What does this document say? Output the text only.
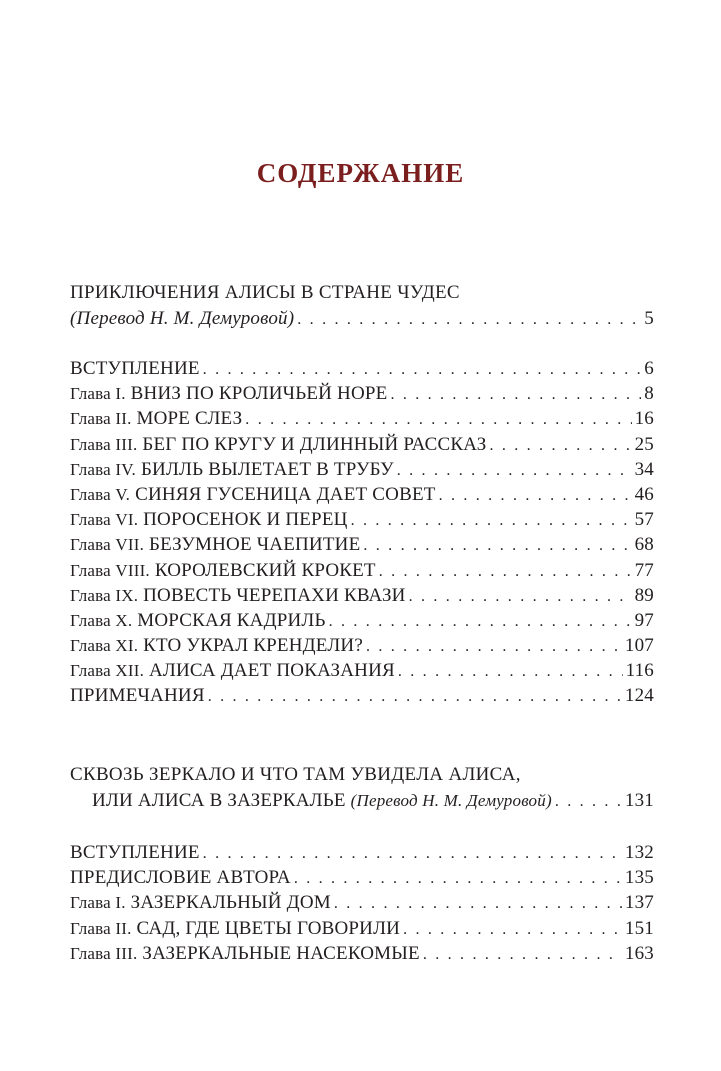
СОДЕРЖАНИЕ
ПРИКЛЮЧЕНИЯ АЛИСЫ В СТРАНЕ ЧУДЕС
(Перевод Н. М. Демуровой) . . .	5
ВСТУПЛЕНИЕ . . .	6
Глава I. ВНИЗ ПО КРОЛИЧЬЕЙ НОРЕ . . .	8
Глава II. МОРЕ СЛЕЗ . . .	16
Глава III. БЕГ ПО КРУГУ И ДЛИННЫЙ РАССКАЗ . . .	25
Глава IV. БИЛЛЬ ВЫЛЕТАЕТ В ТРУБУ . . .	34
Глава V. СИНЯЯ ГУСЕНИЦА ДАЕТ СОВЕТ . . .	46
Глава VI. ПОРОСЕНОК И ПЕРЕЦ . . .	57
Глава VII. БЕЗУМНОЕ ЧАЕПИТИЕ . . .	68
Глава VIII. КОРОЛЕВСКИЙ КРОКЕТ . . .	77
Глава IX. ПОВЕСТЬ ЧЕРЕПАХИ КВАЗИ . . .	89
Глава X. МОРСКАЯ КАДРИЛЬ . . .	97
Глава XI. КТО УКРАЛ КРЕНДЕЛИ? . . .	107
Глава XII. АЛИСА ДАЕТ ПОКАЗАНИЯ . . .	116
ПРИМЕЧАНИЯ . . .	124
СКВОЗЬ ЗЕРКАЛО И ЧТО ТАМ УВИДЕЛА АЛИСА,
ИЛИ АЛИСА В ЗАЗЕРКАЛЬЕ (Перевод Н. М. Демуровой) . . .	131
ВСТУПЛЕНИЕ . . .	132
ПРЕДИСЛОВИЕ АВТОРА . . .	135
Глава I. ЗАЗЕРКАЛЬНЫЙ ДОМ . . .	137
Глава II. САД, ГДЕ ЦВЕТЫ ГОВОРИЛИ . . .	151
Глава III. ЗАЗЕРКАЛЬНЫЕ НАСЕКОМЫЕ . . .	163
